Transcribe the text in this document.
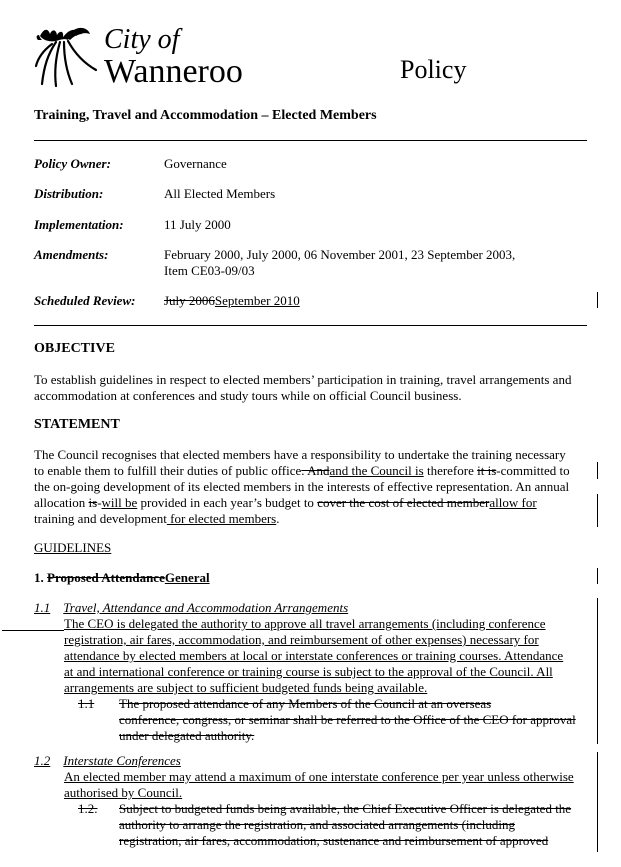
City of
Wanneroo	Policy
Training, Travel and Accommodation – Elected Members
Policy Owner:	Governance
Distribution:	All Elected Members
Implementation:	11 July 2000
Amendments:	February 2000, July 2000, 06 November 2001, 23 September 2003,
Item CE03-09/03
Scheduled Review: July 2006September 2010
OBJECTIVE
To establish guidelines in respect to elected members’ participation in training, travel arrangements and
accommodation at conferences and study tours while on official Council business.
STATEMENT
The Council recognises that elected members have a responsibility to undertake the training necessary
to enable them to fulfill their duties of public office. Andand the Council is therefore it is-committed to
the on-going development of its elected members in the interests of effective representation. An annual
allocation is-will be provided in each year’s budget to cover the cost of elected memberallow for
training and development for elected members.
GUIDELINES
1. Proposed AttendanceGeneral
1.1 Travel, Attendance and Accommodation Arrangements
The CEO is delegated the authority to approve all travel arrangements (including conference
registration, air fares, accommodation, and reimbursement of other expenses) necessary for
attendance by elected members at local or interstate conferences or training courses. Attendance
at and international conference or training course is subject to the approval of the Council. All
arrangements are subject to sufficient budgeted funds being available.
1.1 The proposed attendance of any Members of the Council at an overseas
conference, congress, or seminar shall be referred to the Office of the CEO for approval
under delegated authority.
1.2 Interstate Conferences
An elected member may attend a maximum of one interstate conference per year unless otherwise
authorised by Council.
1.2. Subject to budgeted funds being available, the Chief Executive Officer is delegated the
authority to arrange the registration, and associated arrangements (including
registration, air fares, accommodation, sustenance and reimbursement of approved
